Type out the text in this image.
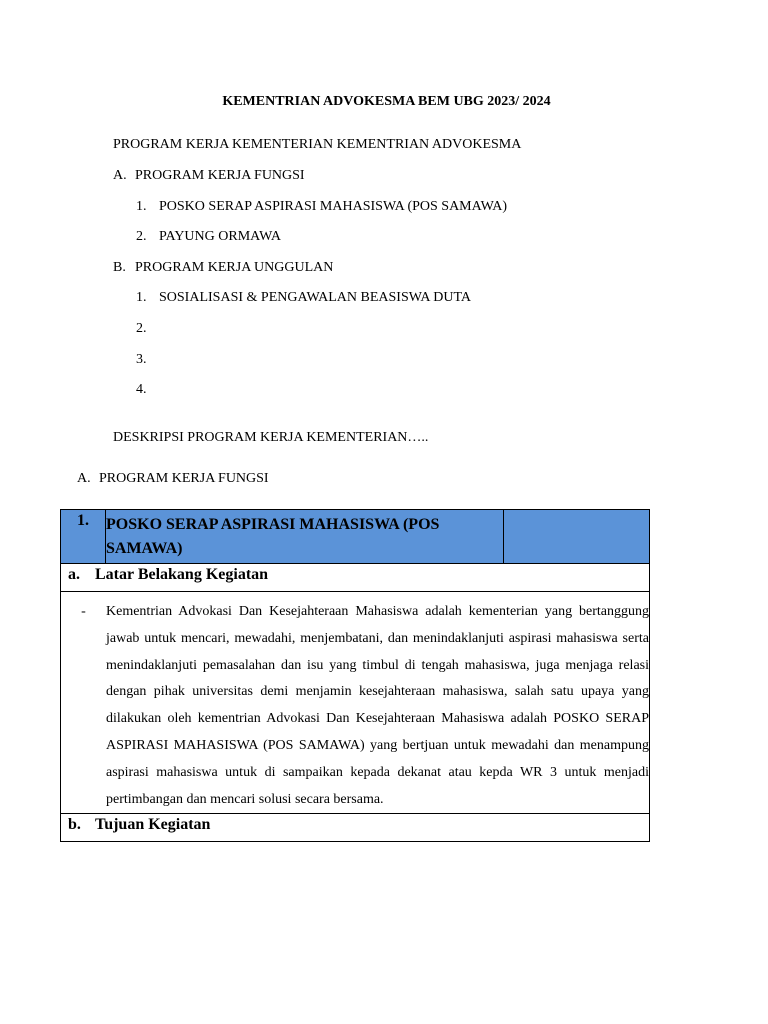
KEMENTRIAN ADVOKESMA BEM UBG 2023/ 2024
PROGRAM KERJA KEMENTERIAN KEMENTRIAN ADVOKESMA
A. PROGRAM KERJA FUNGSI
1. POSKO SERAP ASPIRASI MAHASISWA (POS SAMAWA)
2. PAYUNG ORMAWA
B. PROGRAM KERJA UNGGULAN
1. SOSIALISASI & PENGAWALAN BEASISWA DUTA
2.
3.
4.
DESKRIPSI PROGRAM KERJA KEMENTERIAN…..
A. PROGRAM KERJA FUNGSI
1.	POSKO SERAP ASPIRASI MAHASISWA (POS SAMAWA)	
a. Latar Belakang Kegiatan

-	Kementrian Advokasi Dan Kesejahteraan Mahasiswa adalah kementerian yang bertanggung jawab untuk mencari, mewadahi, menjembatani, dan menindaklanjuti aspirasi mahasiswa serta menindaklanjuti pemasalahan dan isu yang timbul di tengah mahasiswa, juga menjaga relasi dengan pihak universitas demi menjamin kesejahteraan mahasiswa, salah satu upaya yang dilakukan oleh kementrian Advokasi Dan Kesejahteraan Mahasiswa adalah POSKO SERAP ASPIRASI MAHASISWA (POS SAMAWA) yang bertjuan untuk mewadahi dan menampung aspirasi mahasiswa untuk di sampaikan kepada dekanat atau kepda WR 3 untuk menjadi pertimbangan dan mencari solusi secara bersama.

b. Tujuan Kegiatan
